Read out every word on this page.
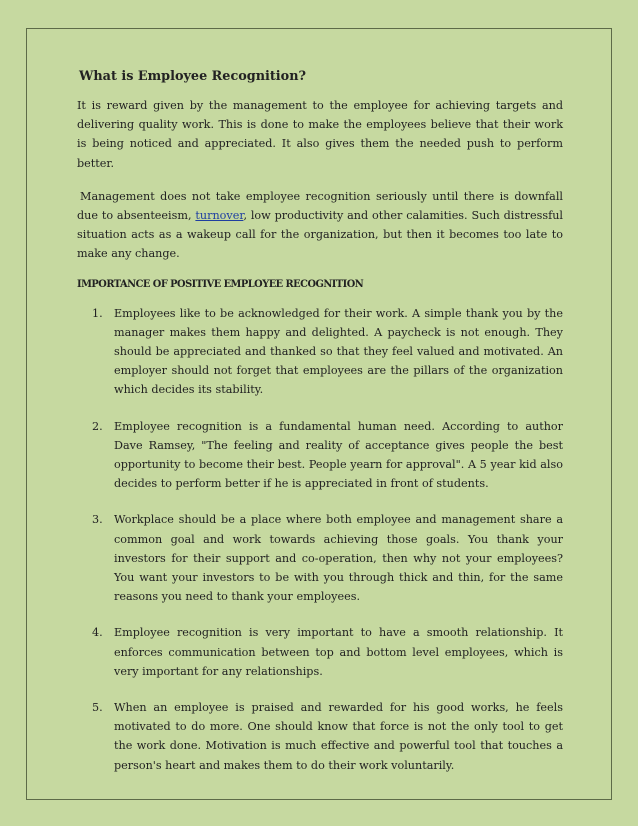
What is Employee Recognition?

It is reward given by the management to the employee for achieving targets and delivering quality work. This is done to make the employees believe that their work is being noticed and appreciated. It also gives them the needed push to perform better.

Management does not take employee recognition seriously until there is downfall due to absenteeism, turnover, low productivity and other calamities. Such distressful situation acts as a wakeup call for the organization, but then it becomes too late to make any change.

IMPORTANCE OF POSITIVE EMPLOYEE RECOGNITION
1. Employees like to be acknowledged for their work. A simple thank you by the manager makes them happy and delighted. A paycheck is not enough. They should be appreciated and thanked so that they feel valued and motivated. An employer should not forget that employees are the pillars of the organization which decides its stability.
2. Employee recognition is a fundamental human need. According to author Dave Ramsey, "The feeling and reality of acceptance gives people the best opportunity to become their best. People yearn for approval". A 5 year kid also decides to perform better if he is appreciated in front of students.
3. Workplace should be a place where both employee and management share a common goal and work towards achieving those goals. You thank your investors for their support and co-operation, then why not your employees? You want your investors to be with you through thick and thin, for the same reasons you need to thank your employees.
4. Employee recognition is very important to have a smooth relationship. It enforces communication between top and bottom level employees, which is very important for any relationships.
5. When an employee is praised and rewarded for his good works, he feels motivated to do more. One should know that force is not the only tool to get the work done. Motivation is much effective and powerful tool that touches a person's heart and makes them to do their work voluntarily.
